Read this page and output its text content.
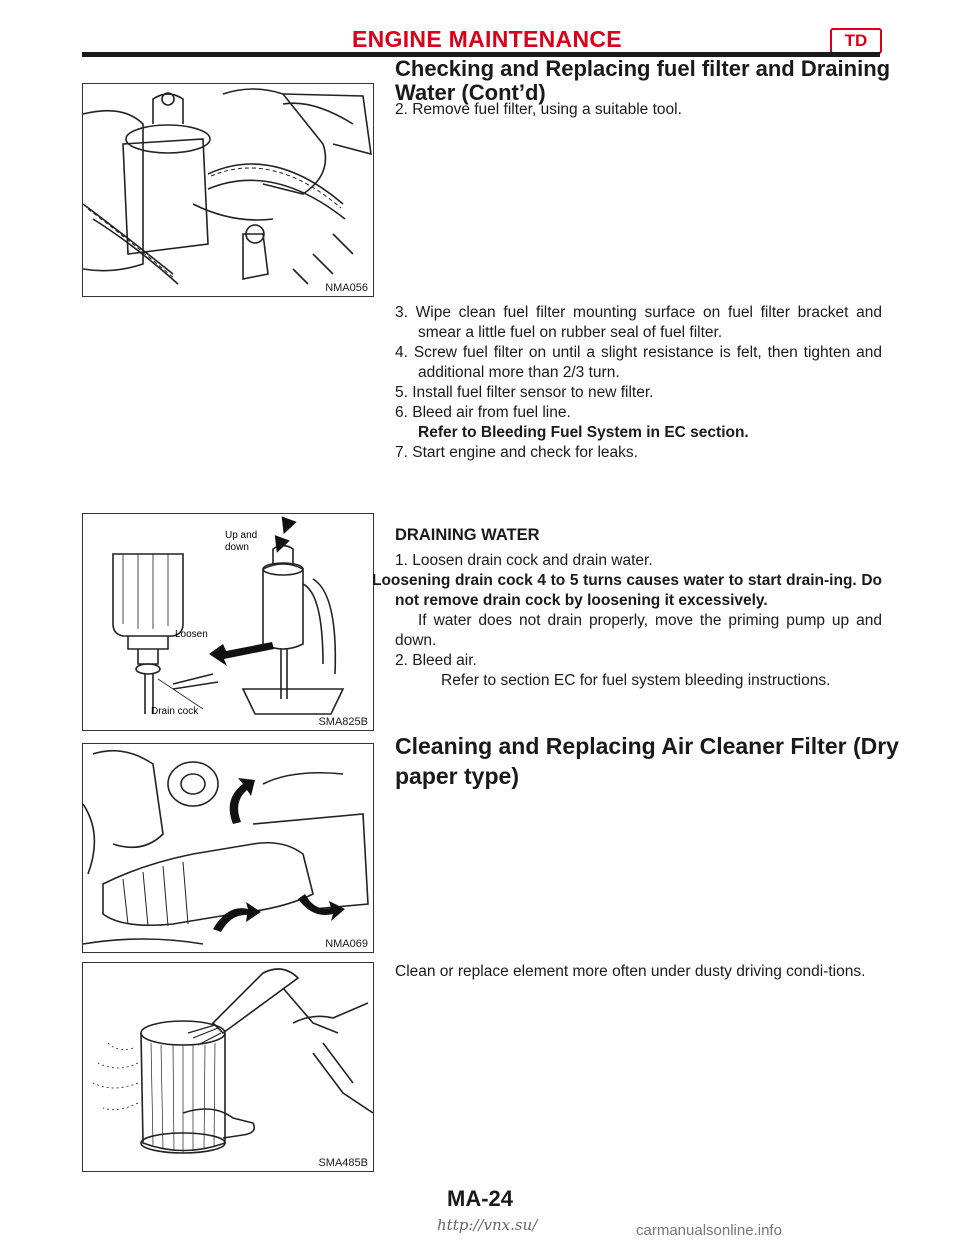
ENGINE MAINTENANCE	TD
Checking and Replacing fuel filter and Draining
Water (Cont’d)
NMA056
2. Remove fuel filter, using a suitable tool.
3. Wipe clean fuel filter mounting surface on fuel filter bracket and smear a little fuel on rubber seal of fuel filter.
4. Screw fuel filter on until a slight resistance is felt, then tighten and additional more than 2/3 turn.
5. Install fuel filter sensor to new filter.
6. Bleed air from fuel line.
Refer to Bleeding Fuel System in EC section.
7. Start engine and check for leaks.
Up and
down
Loosen
Drain cock
SMA825B
DRAINING WATER
1. Loosen drain cock and drain water.
Loosening drain cock 4 to 5 turns causes water to start drain-ing. Do not remove drain cock by loosening it excessively.
If water does not drain properly, move the priming pump up and down.
2. Bleed air.
Refer to section EC for fuel system bleeding instructions.
Cleaning and Replacing Air Cleaner Filter (Dry
paper type)
NMA069
SMA485B
Clean or replace element more often under dusty driving condi-tions.
MA-24
http://vnx.su/	carmanualsonline.info
